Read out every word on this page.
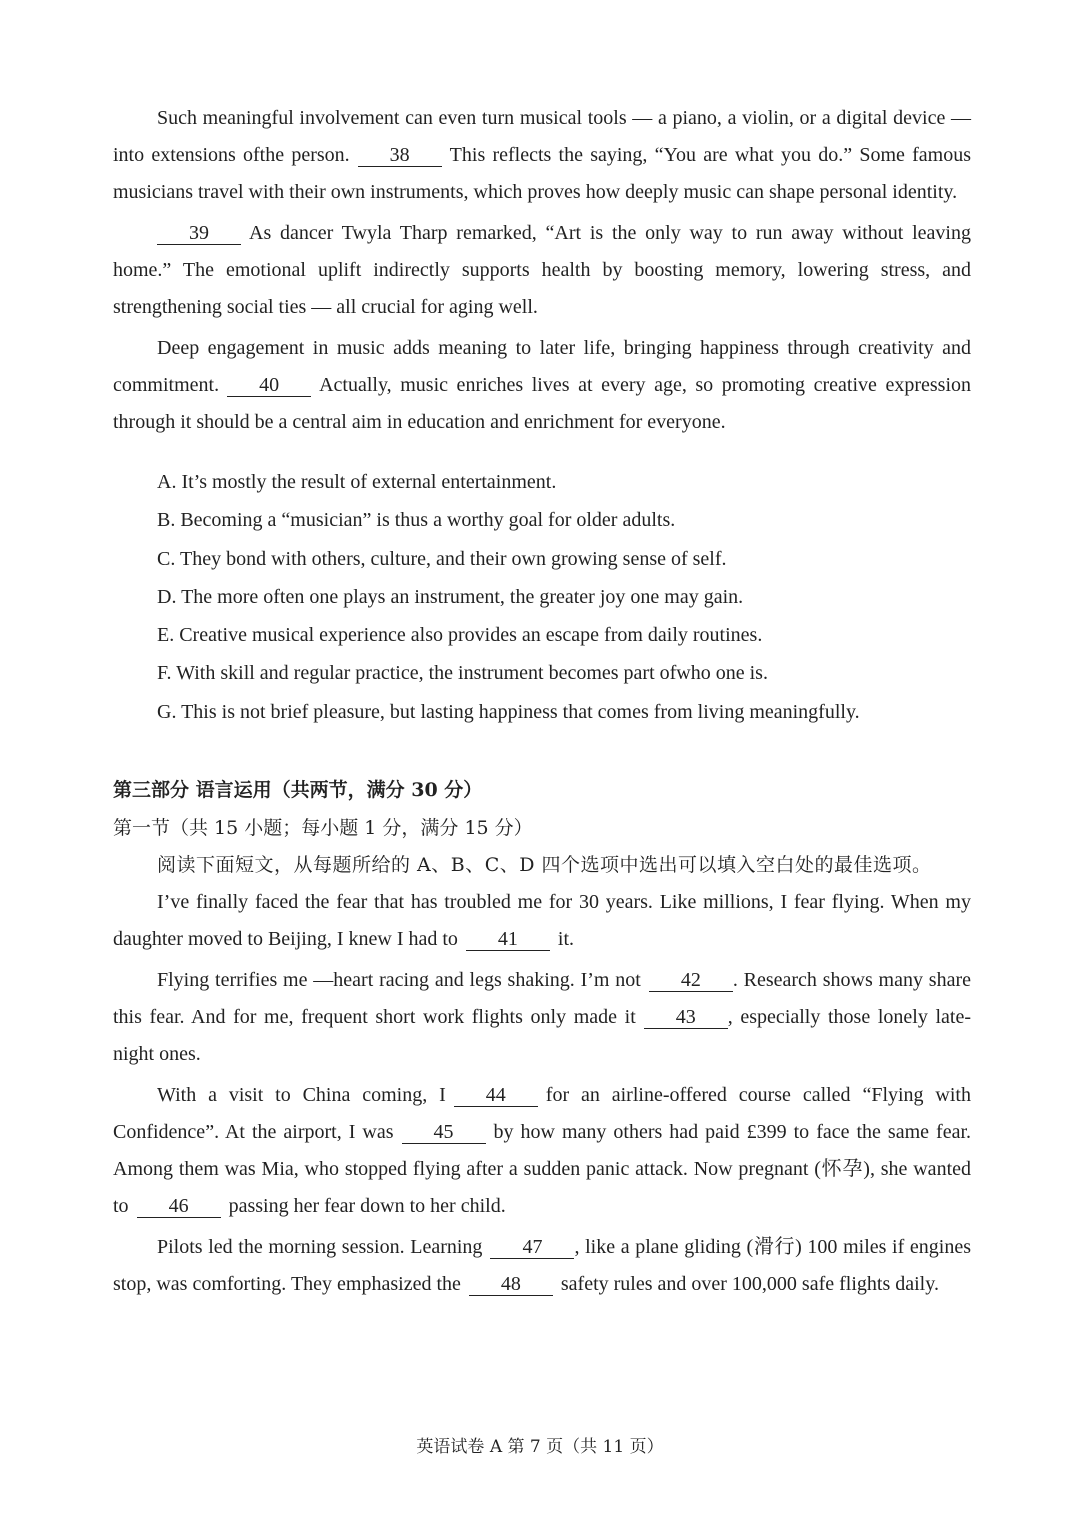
Such meaningful involvement can even turn musical tools — a piano, a violin, or a digital device — into extensions ofthe person. 38 This reflects the saying, “You are what you do.” Some famous musicians travel with their own instruments, which proves how deeply music can shape personal identity.

39 As dancer Twyla Tharp remarked, “Art is the only way to run away without leaving home.” The emotional uplift indirectly supports health by boosting memory, lowering stress, and strengthening social ties — all crucial for aging well.

Deep engagement in music adds meaning to later life, bringing happiness through creativity and commitment. 40 Actually, music enriches lives at every age, so promoting creative expression through it should be a central aim in education and enrichment for everyone.

A. It’s mostly the result of external entertainment.
B. Becoming a “musician” is thus a worthy goal for older adults.
C. They bond with others, culture, and their own growing sense of self.
D. The more often one plays an instrument, the greater joy one may gain.
E. Creative musical experience also provides an escape from daily routines.
F. With skill and regular practice, the instrument becomes part ofwho one is.
G. This is not brief pleasure, but lasting happiness that comes from living meaningfully.
第三部分 语言运用（共两节，满分 30 分）
第一节（共 15 小题；每小题 1 分，满分 15 分）

阅读下面短文，从每题所给的 A、B、C、D 四个选项中选出可以填入空白处的最佳选项。

I’ve finally faced the fear that has troubled me for 30 years. Like millions, I fear flying. When my daughter moved to Beijing, I knew I had to 41 it.

Flying terrifies me —heart racing and legs shaking. I’m not 42 . Research shows many share this fear. And for me, frequent short work flights only made it 43 , especially those lonely late-night ones.

With a visit to China coming, I 44 for an airline-offered course called “Flying with Confidence”. At the airport, I was 45 by how many others had paid £399 to face the same fear. Among them was Mia, who stopped flying after a sudden panic attack. Now pregnant (怀孕), she wanted to 46 passing her fear down to her child.

Pilots led the morning session. Learning 47 , like a plane gliding (滑行) 100 miles if engines stop, was comforting. They emphasized the 48 safety rules and over 100,000 safe flights daily.

英语试卷 A 第 7 页（共 11 页）
